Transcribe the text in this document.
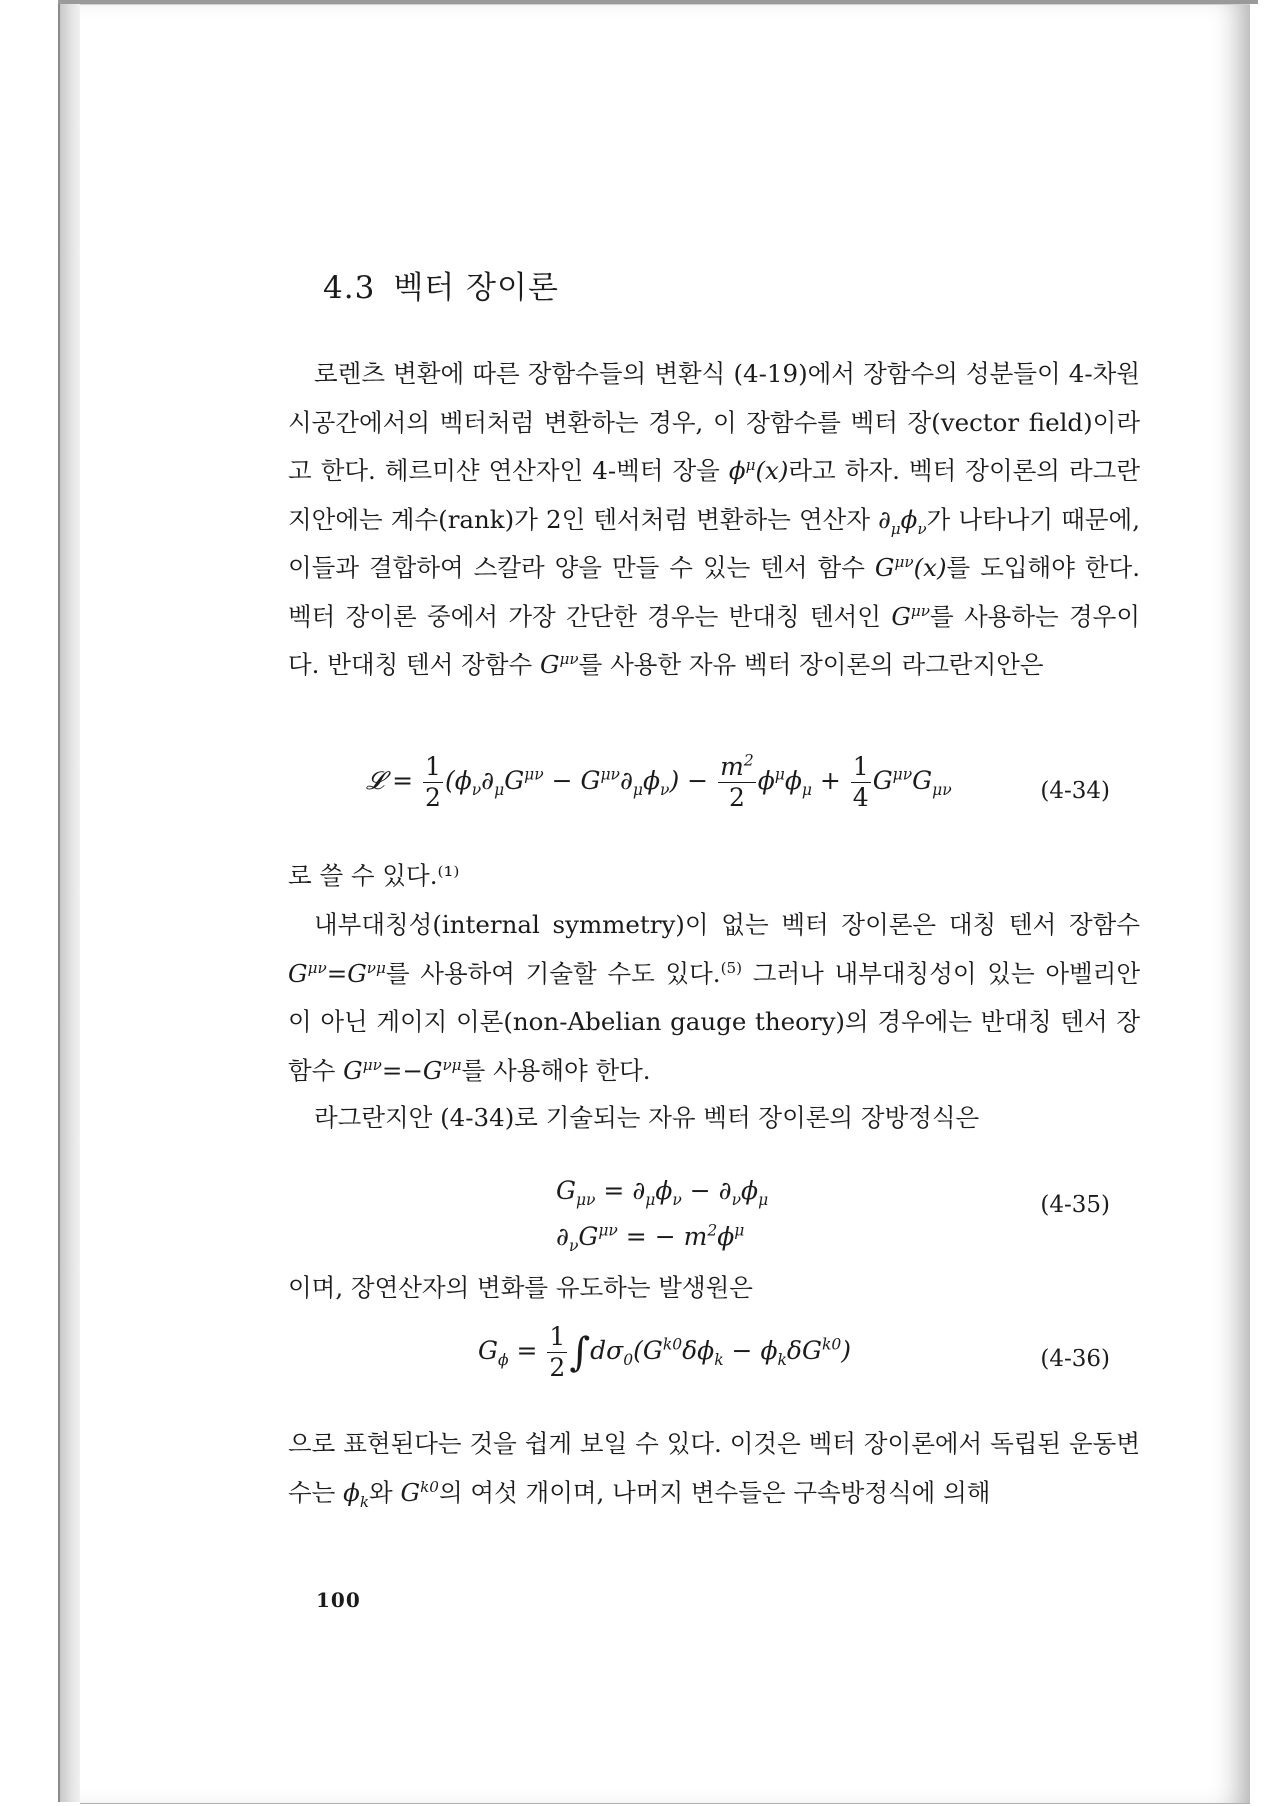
4.3 벡터 장이론

로렌츠 변환에 따른 장함수들의 변환식 (4-19)에서 장함수의 성분들이 4-차원 시공간에서의 벡터처럼 변환하는 경우, 이 장함수를 벡터 장(vector field)이라고 한다. 헤르미샨 연산자인 4-벡터 장을 $\phi^\mu(x)$라고 하자. 벡터 장이론의 라그란지안에는 계수(rank)가 2인 텐서처럼 변환하는 연산자 $\partial_\mu\phi_\nu$가 나타나기 때문에, 이들과 결합하여 스칼라 양을 만들 수 있는 텐서 함수 $G^{\mu\nu}(x)$를 도입해야 한다. 벡터 장이론 중에서 가장 간단한 경우는 반대칭 텐서인 $G^{\mu\nu}$를 사용하는 경우이다. 반대칭 텐서 장함수 $G^{\mu\nu}$를 사용한 자유 벡터 장이론의 라그란지안은

𝓛 = $\frac{1}{2} (\phi_\nu\partial_\mu G^{\mu\nu} - G^{\mu\nu}\partial_\mu\phi_\nu) - \frac{m^2}{2} \phi^\mu\phi_\mu + \frac{1}{4} G^{\mu\nu}G_{\mu\nu}$	(4-34)

로 쓸 수 있다.⁽¹⁾

내부대칭성(internal symmetry)이 없는 벡터 장이론은 대칭 텐서 장함수 $G^{\mu\nu}=G^{\nu\mu}$를 사용하여 기술할 수도 있다.$^{(5)}$ 그러나 내부대칭성이 있는 아벨리안이 아닌 게이지 이론(non-Abelian gauge theory)의 경우에는 반대칭 텐서 장함수 $G^{\mu\nu}=-G^{\nu\mu}$를 사용해야 한다.

라그란지안 (4-34)로 기술되는 자유 벡터 장이론의 장방정식은

$G_{\mu\nu} = \partial_\mu\phi_\nu - \partial_\nu\phi_\mu$
$\partial_\nu G^{\mu\nu}$ = − $m^2\phi^\mu$
(4-35)

이며, 장연산자의 변화를 유도하는 발생원은

$G_\phi = \frac{1}{2} \int d\sigma_0(G^{k0}\delta\phi_k - \phi_k\delta G^{k0})$	(4-36)

으로 표현된다는 것을 쉽게 보일 수 있다. 이것은 벡터 장이론에서 독립된 운동변수는 $\phi_k$와 $G^{k0}$의 여섯 개이며, 나머지 변수들은 구속방정식에 의해

100
